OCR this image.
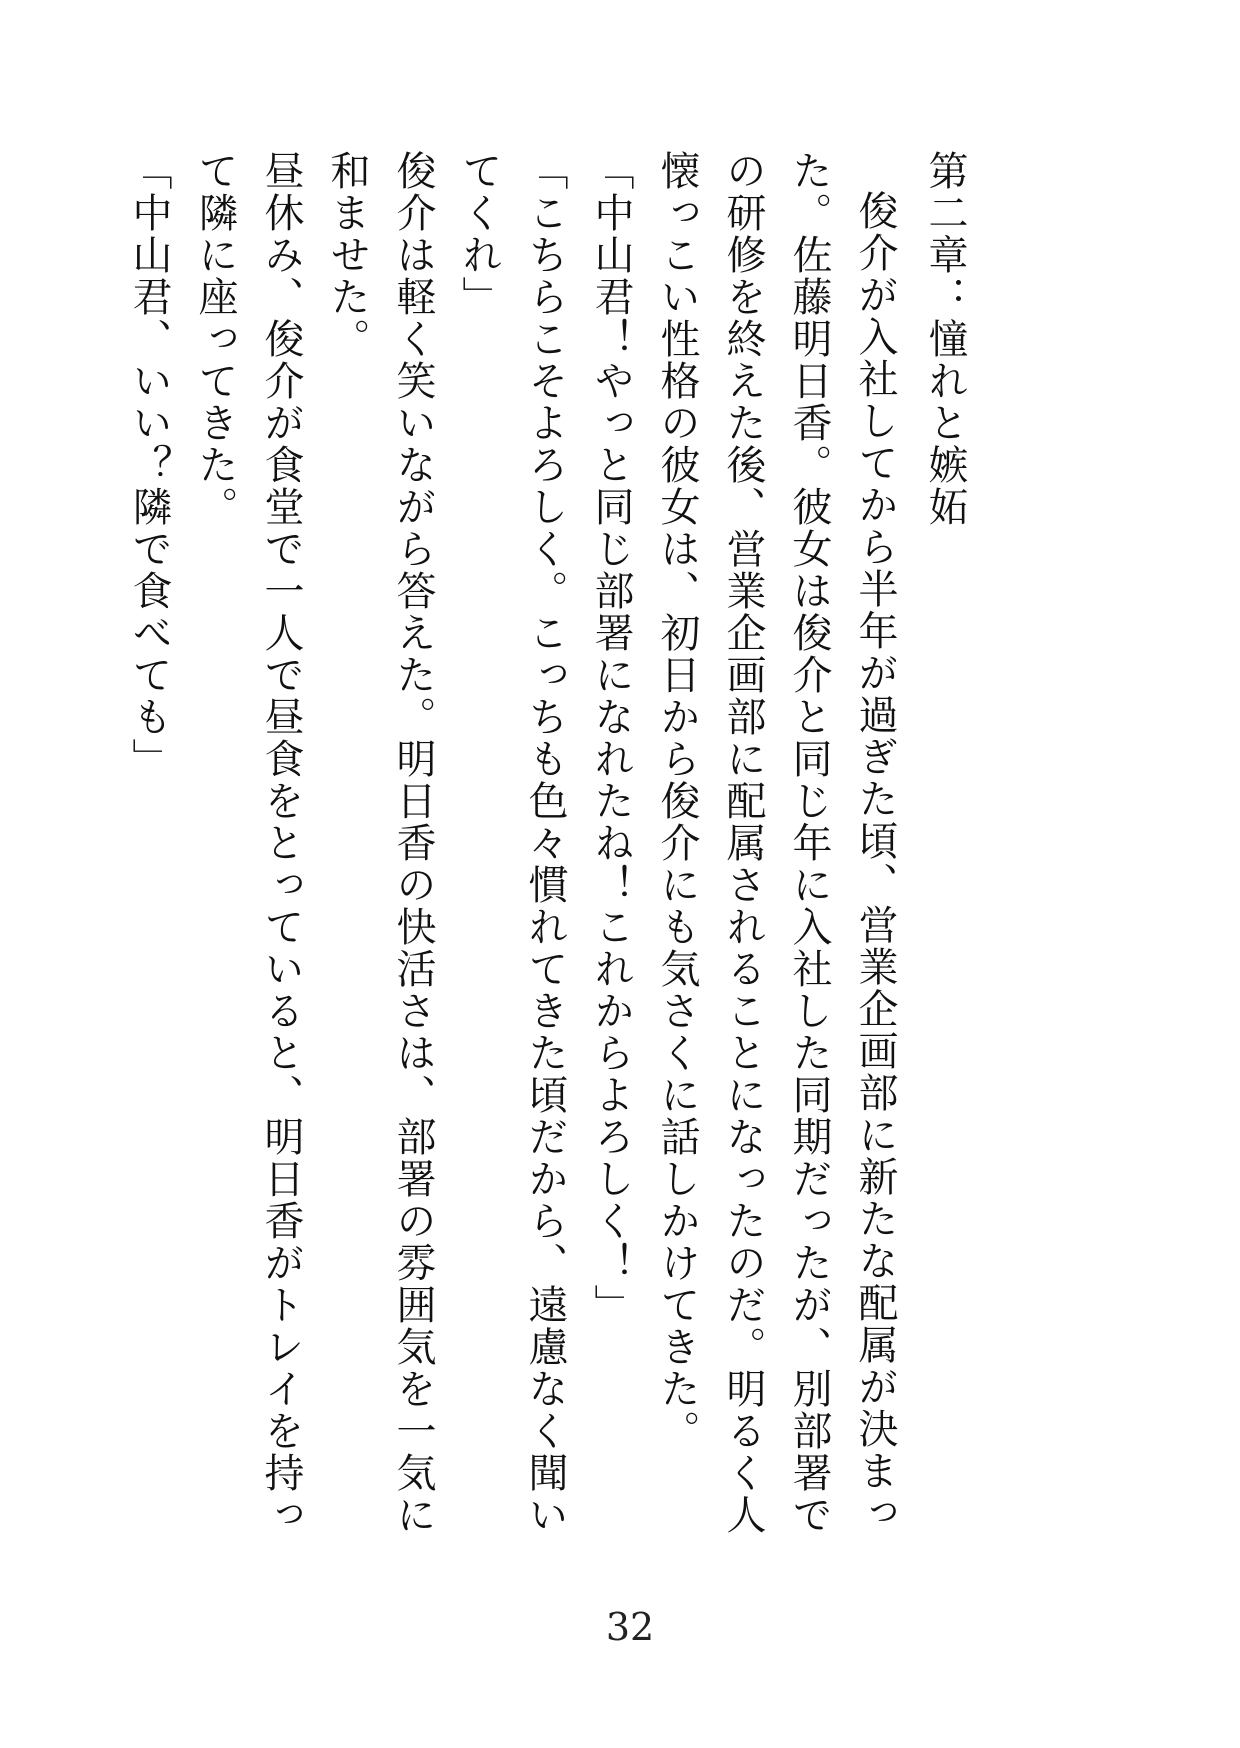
第二章：憧れと嫉妬

俊介が入社してから半年が過ぎた頃、営業企画部に新たな配属が決まった。佐藤明日香。彼女は俊介と同じ年に入社した同期だったが、別部署での研修を終えた後、営業企画部に配属されることになったのだ。明るく人懐っこい性格の彼女は、初日から俊介にも気さくに話しかけてきた。

「中山君！やっと同じ部署になれたね！これからよろしく！」

「こちらこそよろしく。こっちも色々慣れてきた頃だから、遠慮なく聞いてくれ」

俊介は軽く笑いながら答えた。明日香の快活さは、部署の雰囲気を一気に和ませた。

昼休み、俊介が食堂で一人で昼食をとっていると、明日香がトレイを持って隣に座ってきた。

「中山君、いい？隣で食べても」

32
